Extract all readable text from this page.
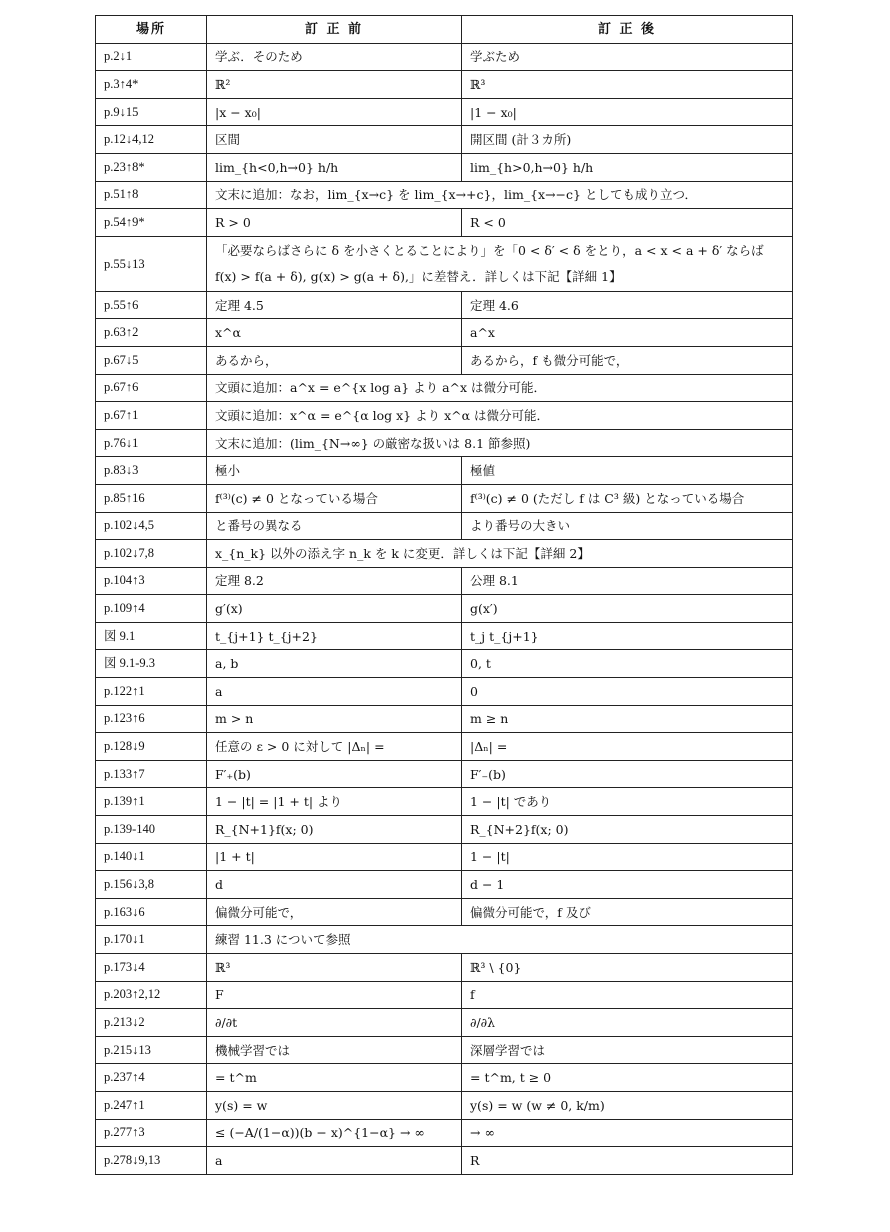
場所	訂 正 前	訂 正 後
p.2↓1	学ぶ．そのため	学ぶため
p.3↑4*	ℝ²	ℝ³
p.9↓15	|x − x₀|	|1 − x₀|
p.12↓4,12	区間	開区間 (計３カ所)
p.23↑8*	lim_{h<0,h→0} h/h	lim_{h>0,h→0} h/h
p.51↑8	文末に追加：なお，lim_{x→c} を lim_{x→+c}，lim_{x→−c} としても成り立つ．	
p.54↑9*	R > 0	R < 0
p.55↓13	「必要ならばさらに δ を小さくとることにより」を「0 < δ′ < δ をとり，a < x < a + δ′ ならば f(x) > f(a + δ), g(x) > g(a + δ),」に差替え．詳しくは下記【詳細 1】	
p.55↑6	定理 4.5	定理 4.6
p.63↑2	x^α	a^x
p.67↓5	あるから，	あるから，f も微分可能で，
p.67↑6	文頭に追加：a^x = e^{x log a} より a^x は微分可能．	
p.67↑1	文頭に追加：x^α = e^{α log x} より x^α は微分可能．	
p.76↓1	文末に追加：(lim_{N→∞} の厳密な扱いは 8.1 節参照)	
p.83↓3	極小	極値
p.85↑16	f⁽³⁾(c) ≠ 0 となっている場合	f⁽³⁾(c) ≠ 0 (ただし f は C³ 級) となっている場合
p.102↓4,5	と番号の異なる	より番号の大きい
p.102↓7,8	x_{n_k} 以外の添え字 n_k を k に変更．詳しくは下記【詳細 2】	
p.104↑3	定理 8.2	公理 8.1
p.109↑4	g′(x)	g(x′)
図 9.1	t_{j+1} t_{j+2}	t_j t_{j+1}
図 9.1-9.3	a, b	0, t
p.122↑1	a	0
p.123↑6	m > n	m ≥ n
p.128↓9	任意の ε > 0 に対して |Δₙ| =	|Δₙ| =
p.133↑7	F′₊(b)	F′₋(b)
p.139↑1	1 − |t| = |1 + t| より	1 − |t| であり
p.139-140	R_{N+1}f(x; 0)	R_{N+2}f(x; 0)
p.140↓1	|1 + t|	1 − |t|
p.156↓3,8	d	d − 1
p.163↓6	偏微分可能で，	偏微分可能で，f 及び
p.170↓1	練習 11.3 について参照	
p.173↓4	ℝ³	ℝ³ \ {0}
p.203↑2,12	F	f
p.213↓2	∂/∂t	∂/∂λ
p.215↓13	機械学習では	深層学習では
p.237↑4	= t^m	= t^m, t ≥ 0
p.247↑1	y(s) = w	y(s) = w (w ≠ 0, k/m)
p.277↑3	≤ (−A/(1−α))(b − x)^{1−α} → ∞	→ ∞
p.278↓9,13	a	R
